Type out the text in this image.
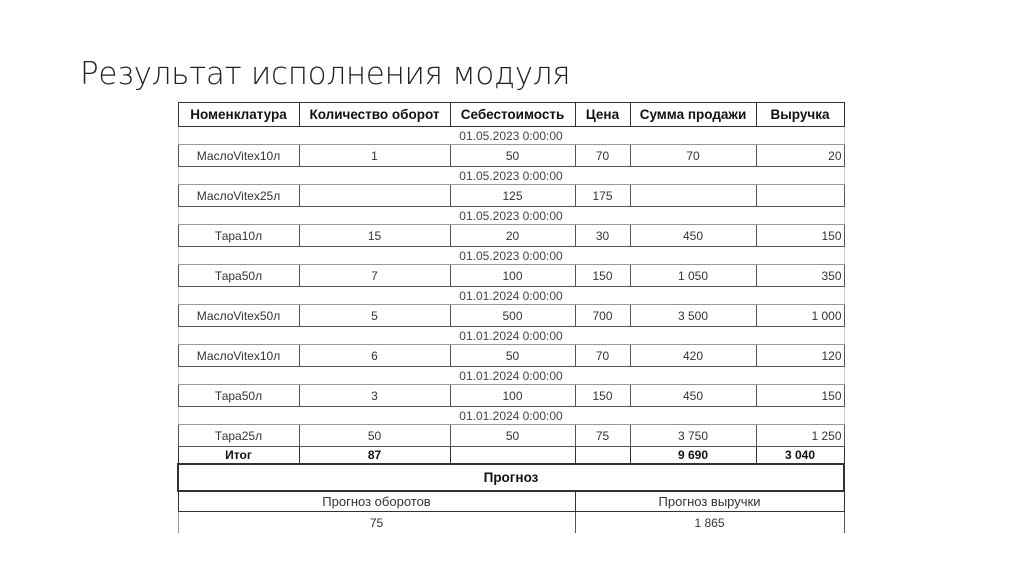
Результат исполнения модуля
Номенклатура	Количество оборот	Себестоимость	Цена	Сумма продажи	Выручка
01.05.2023 0:00:00					
МаслоVitex10л	1	50	70	70	20
01.05.2023 0:00:00					
МаслоVitex25л		125	175		
01.05.2023 0:00:00					
Тара10л	15	20	30	450	150
01.05.2023 0:00:00					
Тара50л	7	100	150	1 050	350
01.01.2024 0:00:00					
МаслоVitex50л	5	500	700	3 500	1 000
01.01.2024 0:00:00					
МаслоVitex10л	6	50	70	420	120
01.01.2024 0:00:00					
Тара50л	3	100	150	450	150
01.01.2024 0:00:00					
Тара25л	50	50	75	3 750	1 250
Итог	87			9 690	3 040
Прогноз					
Прогноз оборотов			Прогноз выручки		
75			1 865		
